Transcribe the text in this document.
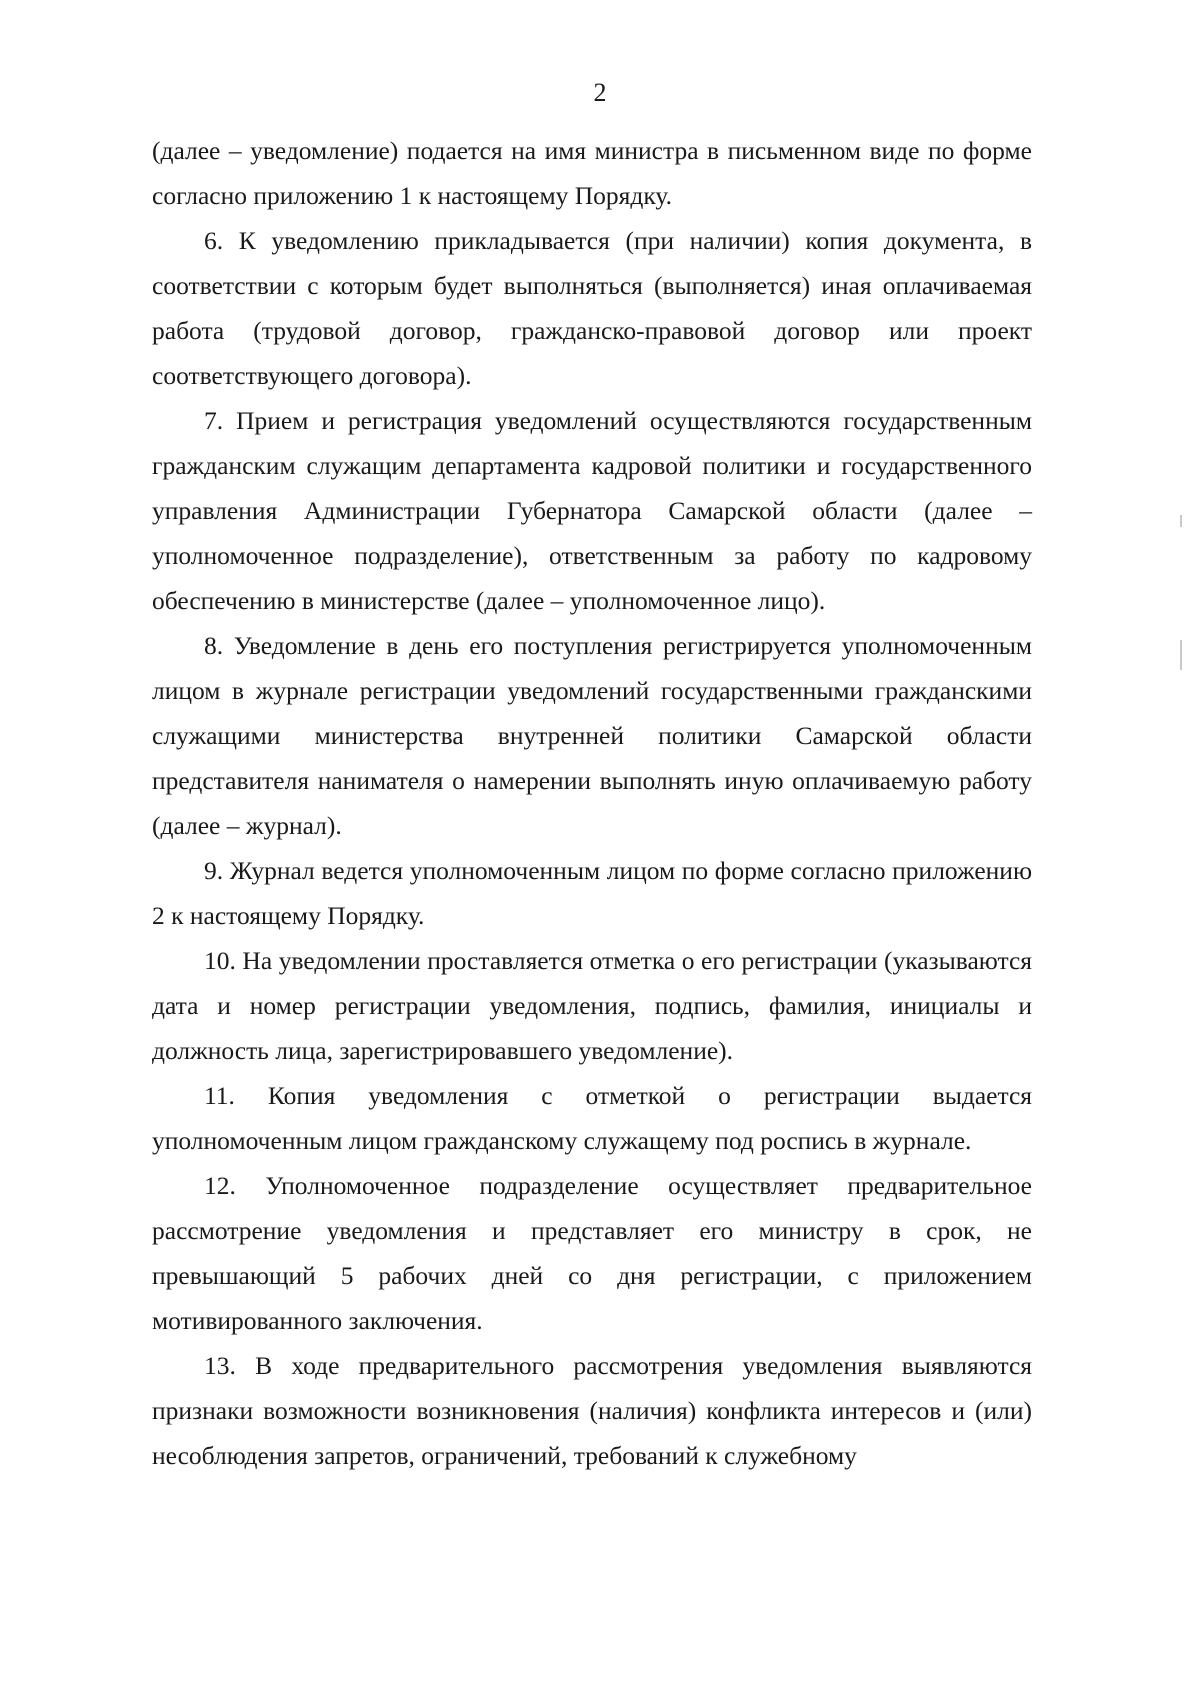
2

(далее – уведомление) подается на имя министра в письменном виде по форме согласно приложению 1 к настоящему Порядку.

6. К уведомлению прикладывается (при наличии) копия документа, в соответствии с которым будет выполняться (выполняется) иная оплачиваемая работа (трудовой договор, гражданско-правовой договор или проект соответствующего договора).

7. Прием и регистрация уведомлений осуществляются государственным гражданским служащим департамента кадровой политики и государственного управления Администрации Губернатора Самарской области (далее – уполномоченное подразделение), ответственным за работу по кадровому обеспечению в министерстве (далее – уполномоченное лицо).

8. Уведомление в день его поступления регистрируется уполномоченным лицом в журнале регистрации уведомлений государственными гражданскими служащими министерства внутренней политики Самарской области представителя нанимателя о намерении выполнять иную оплачиваемую работу (далее – журнал).

9. Журнал ведется уполномоченным лицом по форме согласно приложению 2 к настоящему Порядку.

10. На уведомлении проставляется отметка о его регистрации (указываются дата и номер регистрации уведомления, подпись, фамилия, инициалы и должность лица, зарегистрировавшего уведомление).

11. Копия уведомления с отметкой о регистрации выдается уполномоченным лицом гражданскому служащему под роспись в журнале.

12. Уполномоченное подразделение осуществляет предварительное рассмотрение уведомления и представляет его министру в срок, не превышающий 5 рабочих дней со дня регистрации, с приложением мотивированного заключения.

13. В ходе предварительного рассмотрения уведомления выявляются признаки возможности возникновения (наличия) конфликта интересов и (или) несоблюдения запретов, ограничений, требований к служебному
